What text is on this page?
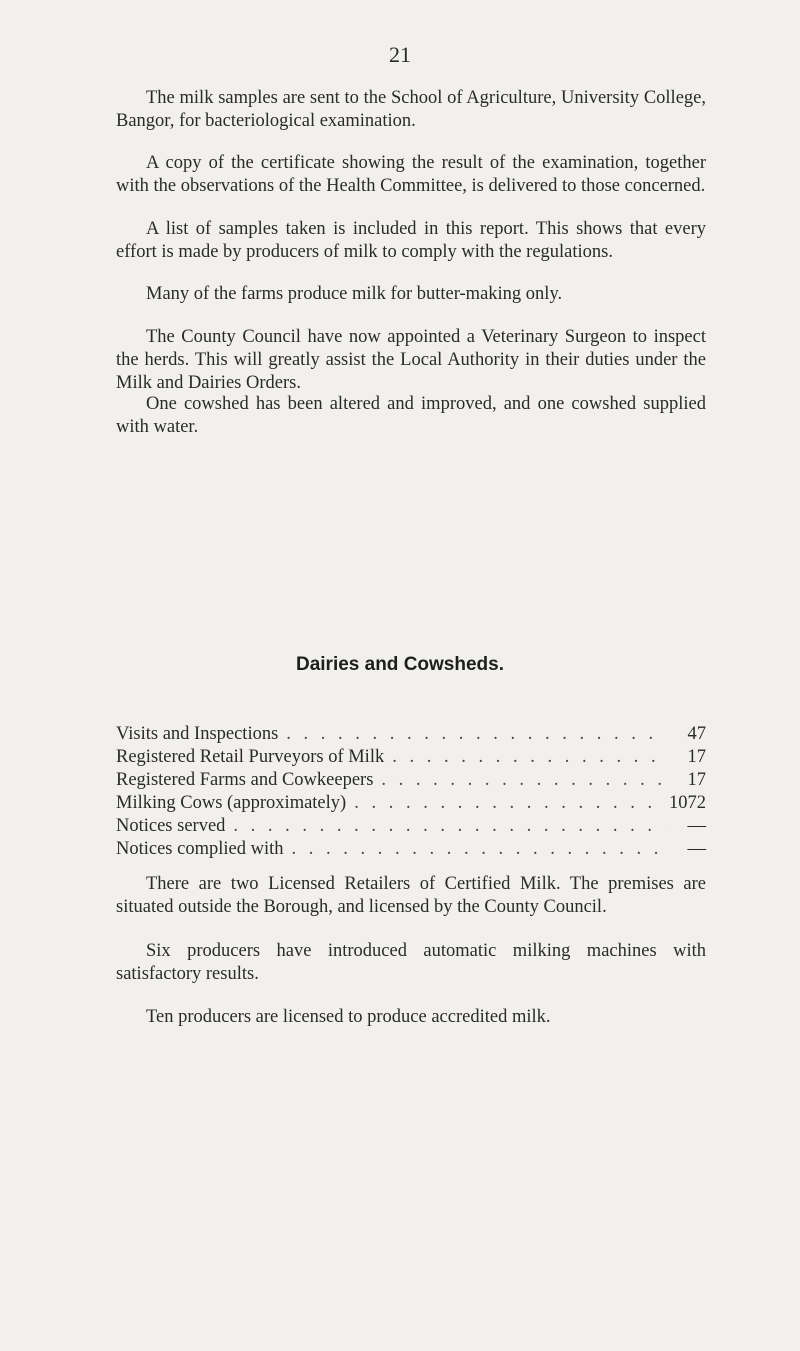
21

The milk samples are sent to the School of Agriculture, University College, Bangor, for bacteriological examination.

A copy of the certificate showing the result of the examination, together with the observations of the Health Committee, is delivered to those concerned.

A list of samples taken is included in this report. This shows that every effort is made by producers of milk to comply with the regulations.

Many of the farms produce milk for butter-making only.

The County Council have now appointed a Veterinary Surgeon to inspect the herds. This will greatly assist the Local Authority in their duties under the Milk and Dairies Orders.

One cowshed has been altered and improved, and one cowshed supplied with water.

Dairies and Cowsheds.
Visits and Inspections . . .	47
Registered Retail Purveyors of Milk . . .	17
Registered Farms and Cowkeepers . . .	17
Milking Cows (approximately) . . .	1072
Notices served . . .	—
Notices complied with . . .	—

There are two Licensed Retailers of Certified Milk. The premises are situated outside the Borough, and licensed by the County Council.

Six producers have introduced automatic milking machines with satisfactory results.

Ten producers are licensed to produce accredited milk.
